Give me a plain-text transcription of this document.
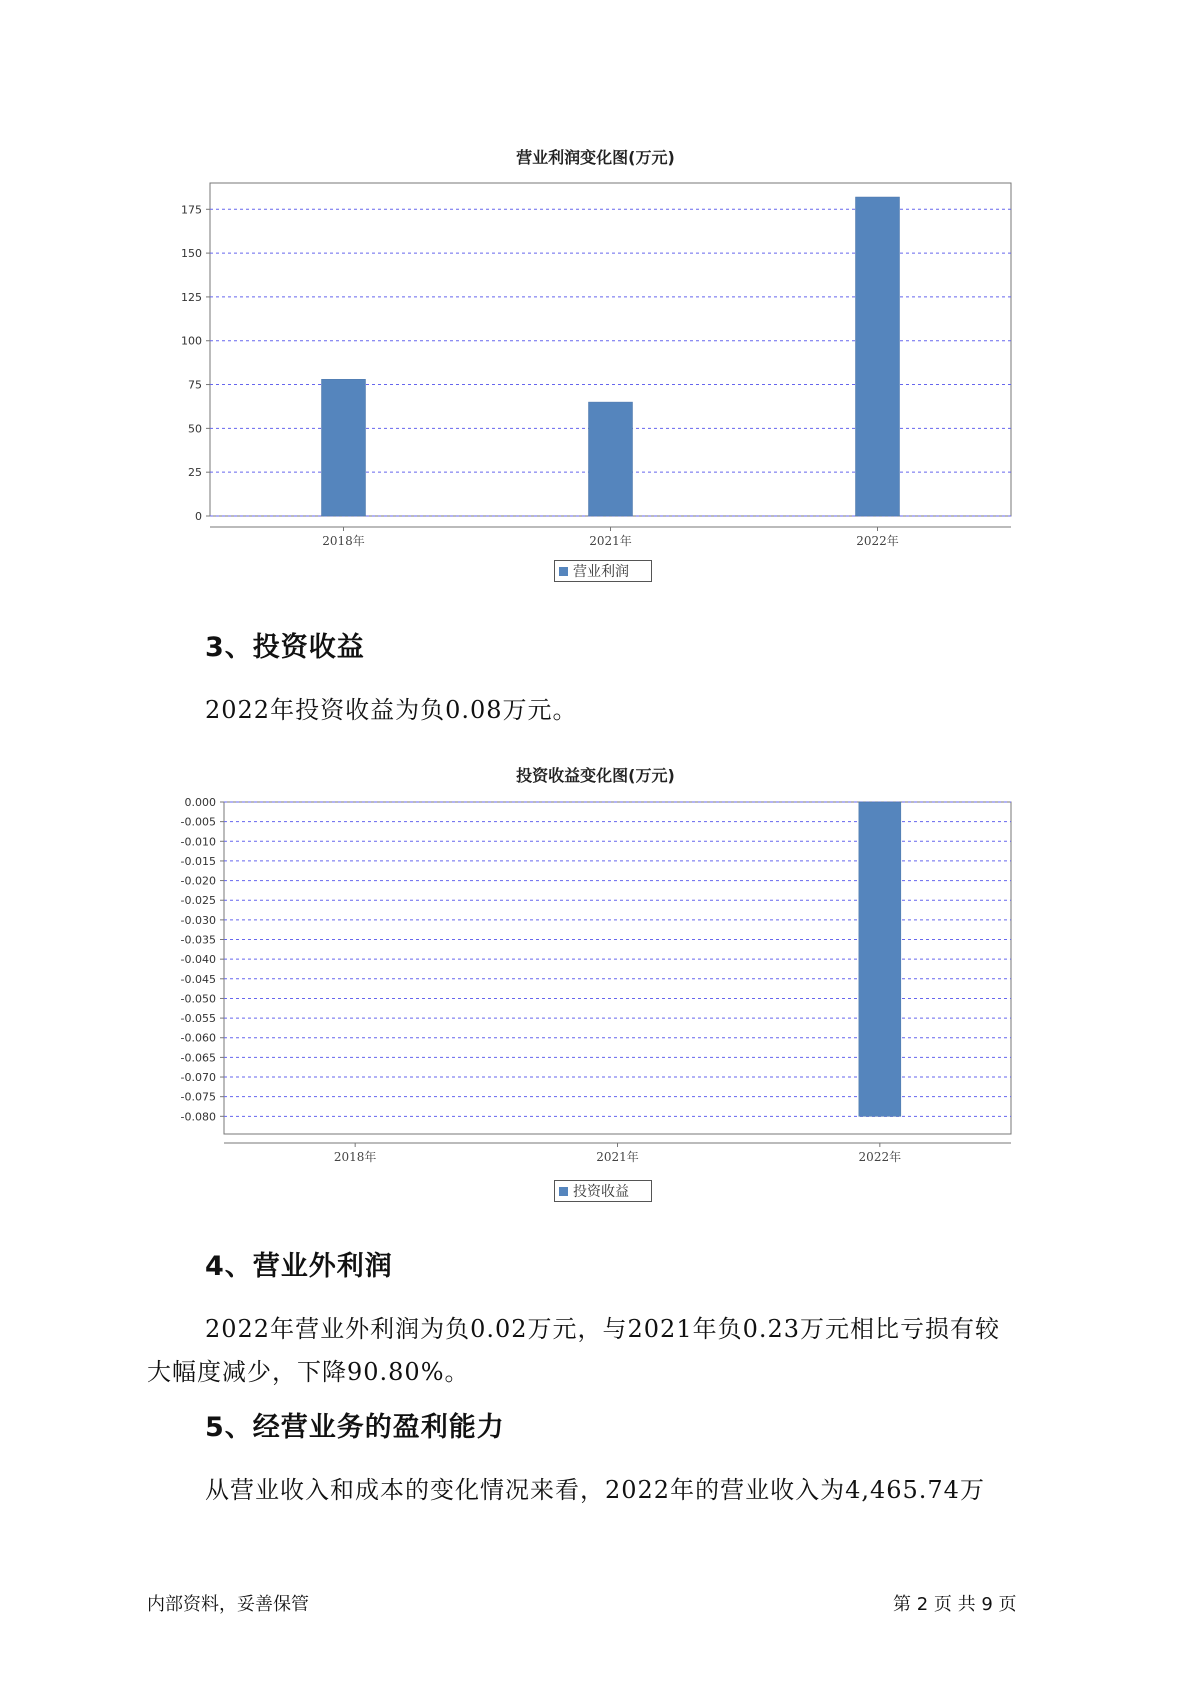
营业利润变化图(万元)
0
25
50
75
100
125
150
175
2018年	2021年	2022年
营业利润
3、投资收益
2022年投资收益为负0.08万元。
投资收益变化图(万元)
0.000
-0.005
-0.010
-0.015
-0.020
-0.025
-0.030
-0.035
-0.040
-0.045
-0.050
-0.055
-0.060
-0.065
-0.070
-0.075
-0.080
2018年	2021年	2022年
投资收益
4、营业外利润
2022年营业外利润为负0.02万元，与2021年负0.23万元相比亏损有较
大幅度减少，下降90.80%。
5、经营业务的盈利能力
从营业收入和成本的变化情况来看，2022年的营业收入为4,465.74万
内部资料，妥善保管	第 2 页 共 9 页
